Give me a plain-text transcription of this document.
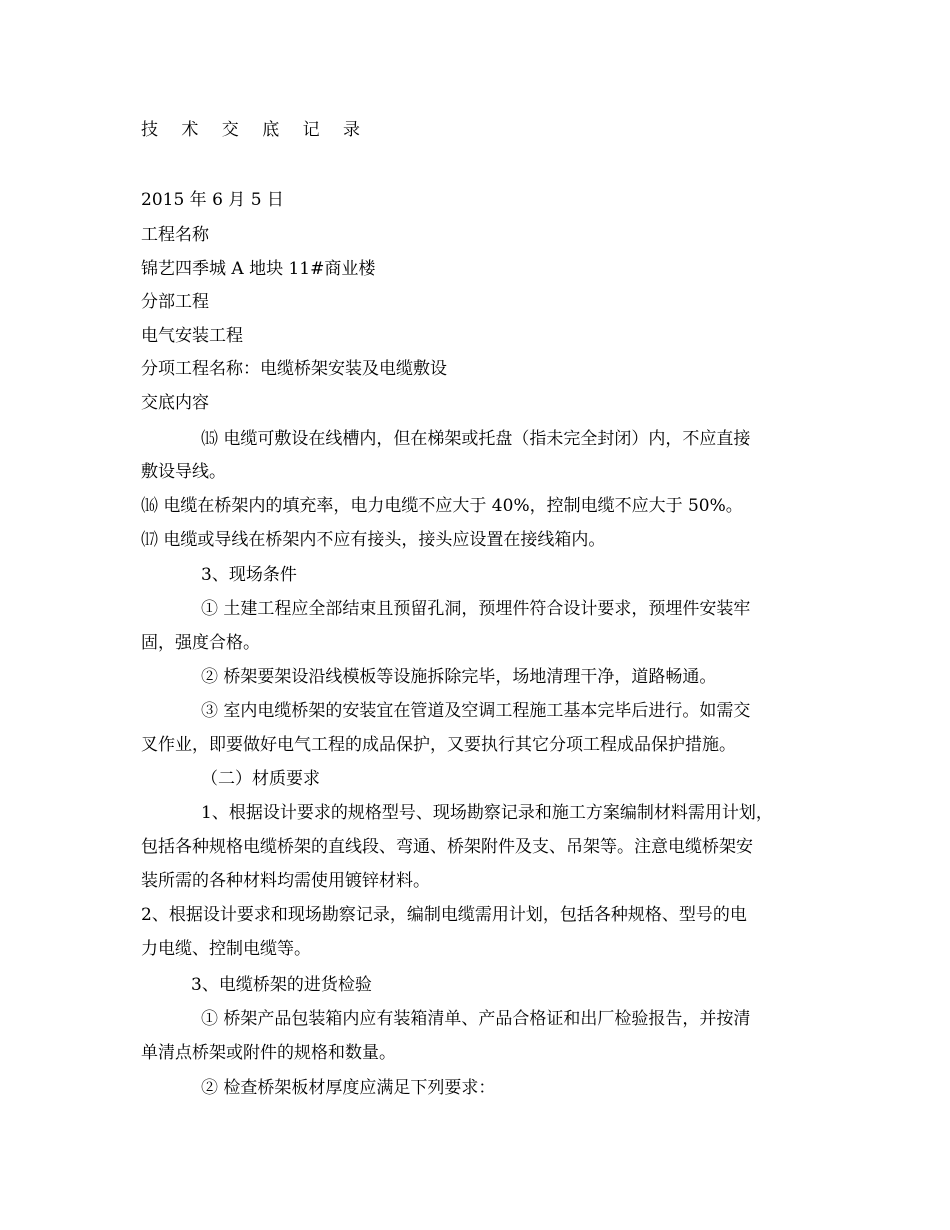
技 术 交 底 记 录
2015 年 6 月 5 日
工程名称
锦艺四季城 A 地块 11#商业楼
分部工程
电气安装工程
分项工程名称：电缆桥架安装及电缆敷设
交底内容
⒂ 电缆可敷设在线槽内，但在梯架或托盘（指未完全封闭）内，不应直接
敷设导线。
⒃ 电缆在桥架内的填充率，电力电缆不应大于 40%，控制电缆不应大于 50%。
⒄ 电缆或导线在桥架内不应有接头，接头应设置在接线箱内。
3、现场条件
① 土建工程应全部结束且预留孔洞，预埋件符合设计要求，预埋件安装牢
固，强度合格。
② 桥架要架设沿线模板等设施拆除完毕，场地清理干净，道路畅通。
③ 室内电缆桥架的安装宜在管道及空调工程施工基本完毕后进行。如需交
叉作业，即要做好电气工程的成品保护，又要执行其它分项工程成品保护措施。
（二）材质要求
1、根据设计要求的规格型号、现场勘察记录和施工方案编制材料需用计划，
包括各种规格电缆桥架的直线段、弯通、桥架附件及支、吊架等。注意电缆桥架安
装所需的各种材料均需使用镀锌材料。
2、根据设计要求和现场勘察记录，编制电缆需用计划，包括各种规格、型号的电
力电缆、控制电缆等。
3、电缆桥架的进货检验
① 桥架产品包装箱内应有装箱清单、产品合格证和出厂检验报告，并按清
单清点桥架或附件的规格和数量。
② 检查桥架板材厚度应满足下列要求：
